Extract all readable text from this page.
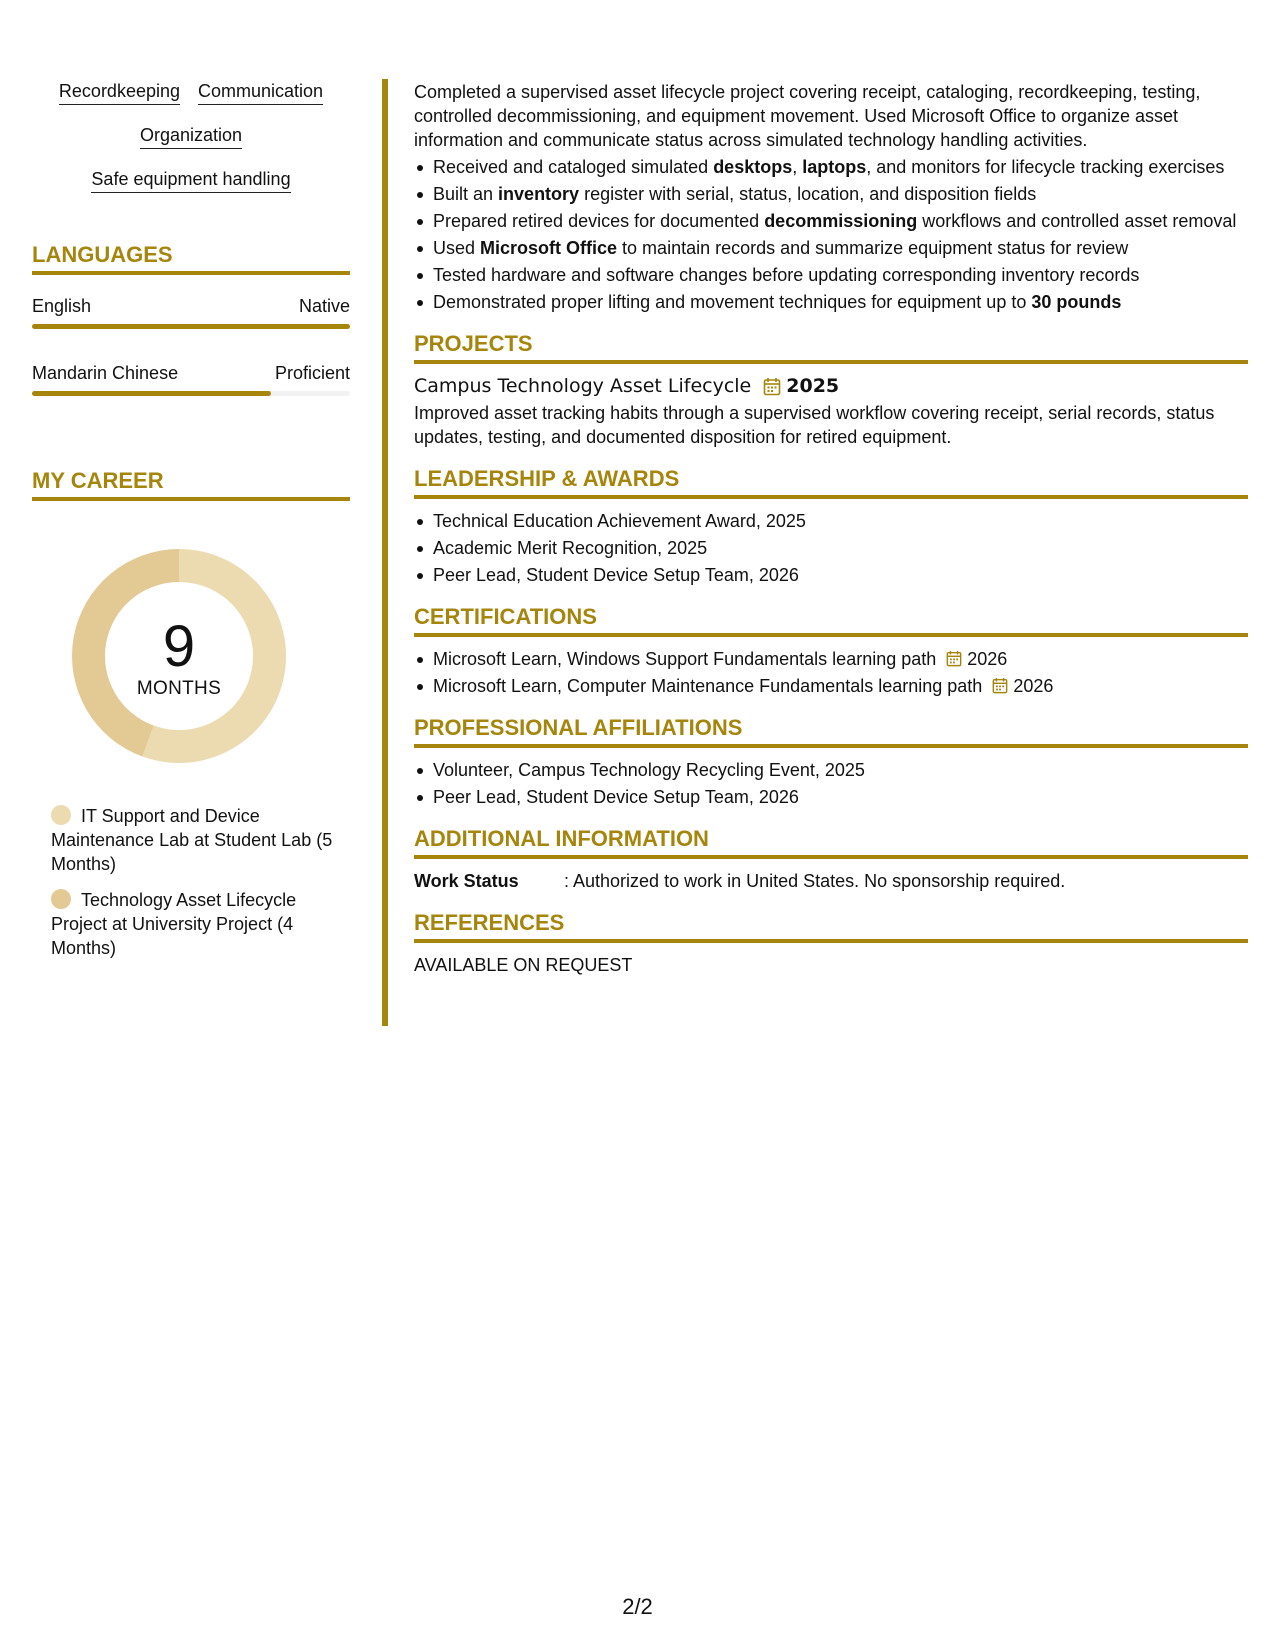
Recordkeeping Communication
Organization
Safe equipment handling
LANGUAGES
English	Native
Mandarin Chinese	Proficient
MY CAREER
9
MONTHS
IT Support and Device Maintenance Lab at Student Lab (5 Months)
Technology Asset Lifecycle Project at University Project (4 Months)

Completed a supervised asset lifecycle project covering receipt, cataloging, recordkeeping, testing, controlled decommissioning, and equipment movement. Used Microsoft Office to organize asset information and communicate status across simulated technology handling activities.

Received and cataloged simulated desktops, laptops, and monitors for lifecycle tracking exercises
Built an inventory register with serial, status, location, and disposition fields
Prepared retired devices for documented decommissioning workflows and controlled asset removal
Used Microsoft Office to maintain records and summarize equipment status for review
Tested hardware and software changes before updating corresponding inventory records
Demonstrated proper lifting and movement techniques for equipment up to 30 pounds
PROJECTS
Campus Technology Asset Lifecycle 2025

Improved asset tracking habits through a supervised workflow covering receipt, serial records, status updates, testing, and documented disposition for retired equipment.

LEADERSHIP & AWARDS
Technical Education Achievement Award, 2025
Academic Merit Recognition, 2025
Peer Lead, Student Device Setup Team, 2026
CERTIFICATIONS
Microsoft Learn, Windows Support Fundamentals learning path 2026
Microsoft Learn, Computer Maintenance Fundamentals learning path 2026
PROFESSIONAL AFFILIATIONS
Volunteer, Campus Technology Recycling Event, 2025
Peer Lead, Student Device Setup Team, 2026
ADDITIONAL INFORMATION
Work Status	: Authorized to work in United States. No sponsorship required.
REFERENCES

AVAILABLE ON REQUEST

2/2
